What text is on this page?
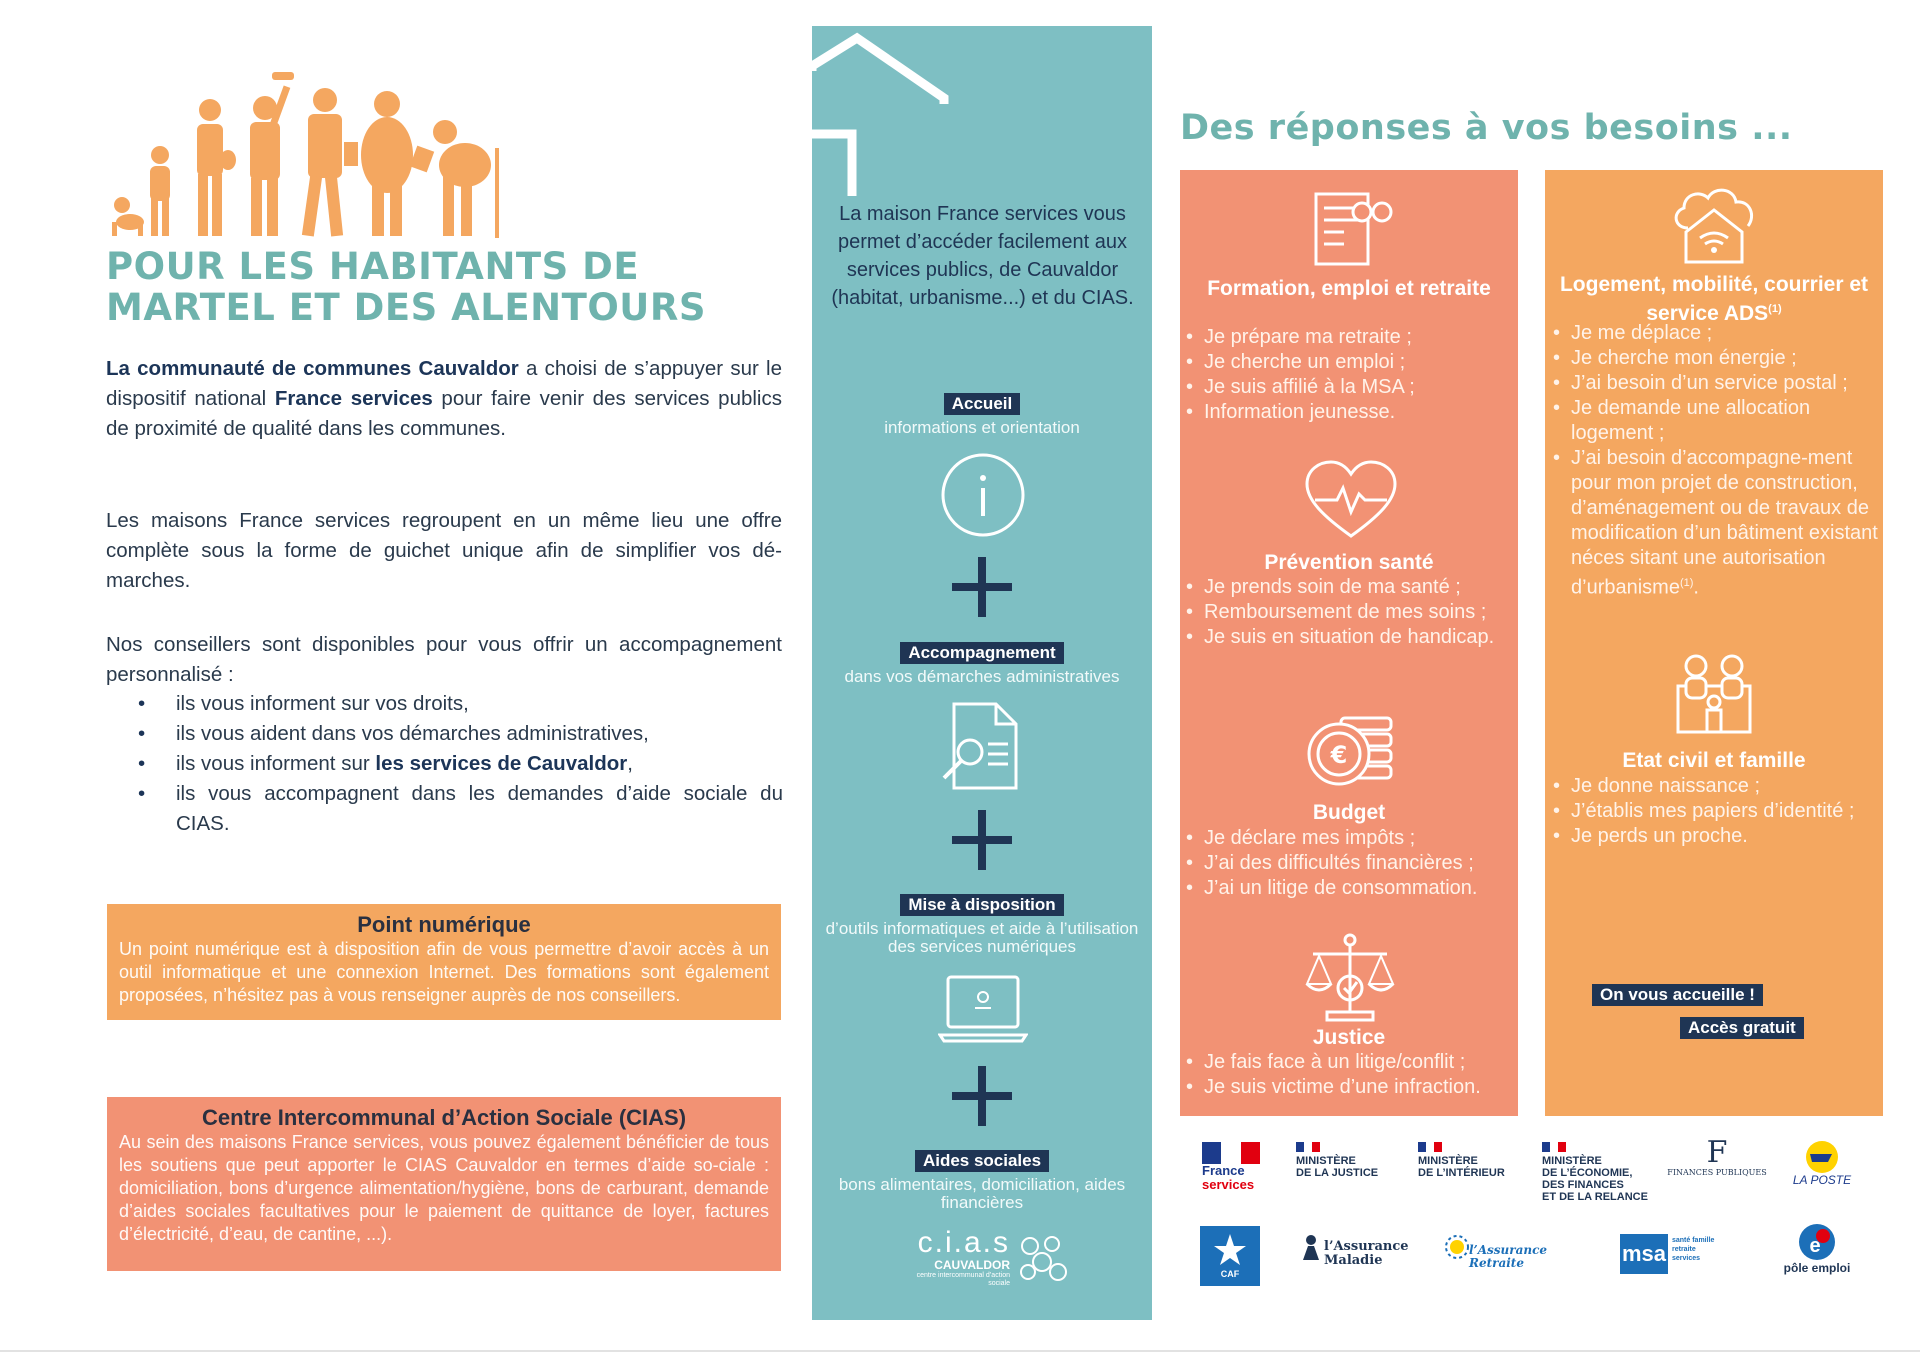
POUR LES HABITANTS DE
MARTEL ET DES ALENTOURS

La communauté de communes Cauvaldor a choisi de s’appuyer sur le dispositif national France services pour faire venir des services publics de proximité de qualité dans les communes.

Les maisons France services regroupent en un même lieu une offre complète sous la forme de guichet unique afin de simplifier vos dé-marches.

Nos conseillers sont disponibles pour vous offrir un accompagnement personnalisé :

• ils vous informent sur vos droits,
• ils vous aident dans vos démarches administratives,
• ils vous informent sur les services de Cauvaldor,
• ils vous accompagnent dans les demandes d’aide sociale du CIAS.
Point numérique
Un point numérique est à disposition afin de vous permettre d’avoir accès à un outil informatique et une connexion Internet. Des formations sont également proposées, n’hésitez pas à vous renseigner auprès de nos conseillers.
Centre Intercommunal d’Action Sociale (CIAS)
Au sein des maisons France services, vous pouvez également bénéficier de tous les soutiens que peut apporter le CIAS Cauvaldor en termes d’aide so-ciale : domiciliation, bons d’urgence alimentation/hygiène, bons de carburant, demande d’aides sociales facultatives pour le paiement de quittance de loyer, factures d’électricité, d’eau, de cantine, ...).
La maison France services vous permet d’accéder facilement aux services publics, de Cauvaldor (habitat, urbanisme...) et du CIAS.
Accueil
informations et orientation
Accompagnement
dans vos démarches administratives
Mise à disposition
d’outils informatiques et aide à l’utilisation des services numériques
Aides sociales
bons alimentaires, domiciliation, aides financières
c.i.a.s
CAUVALDOR
centre intercommunal d’action sociale
Des réponses à vos besoins ...
Formation, emploi et retraite
• Je prépare ma retraite ;
• Je cherche un emploi ;
• Je suis affilié à la MSA ;
• Information jeunesse.
Prévention santé
• Je prends soin de ma santé ;
• Remboursement de mes soins ;
• Je suis en situation de handicap.
€
Budget
• Je déclare mes impôts ;
• J’ai des difficultés financières ;
• J’ai un litige de consommation.
Justice
• Je fais face à un litige/conflit ;
• Je suis victime d’une infraction.
Logement, mobilité, courrier et service ADS$^{(1)}$
• Je me déplace ;
• Je cherche mon énergie ;
• J’ai besoin d’un service postal ;
• Je demande une allocation logement ;
• J’ai besoin d’accompagne-ment pour mon projet de construction, d’aménagement ou de travaux de modification d’un bâtiment existant néces sitant une autorisation d’urbanisme$^{(1)}$.
Etat civil et famille
• Je donne naissance ;
• J’établis mes papiers d’identité ;
• Je perds un proche.
On vous accueille !
Accès gratuit
France
services
MINISTÈRE
DE LA JUSTICE
MINISTÈRE
DE L’INTÉRIEUR
MINISTÈRE
DE L’ÉCONOMIE,
DES FINANCES
ET DE LA RELANCE
F
FINANCES PUBLIQUES
LA POSTE
CAF
l’Assurance
Maladie
l’Assurance Retraite	msa
santé famille retraite services
e
pôle emploi
